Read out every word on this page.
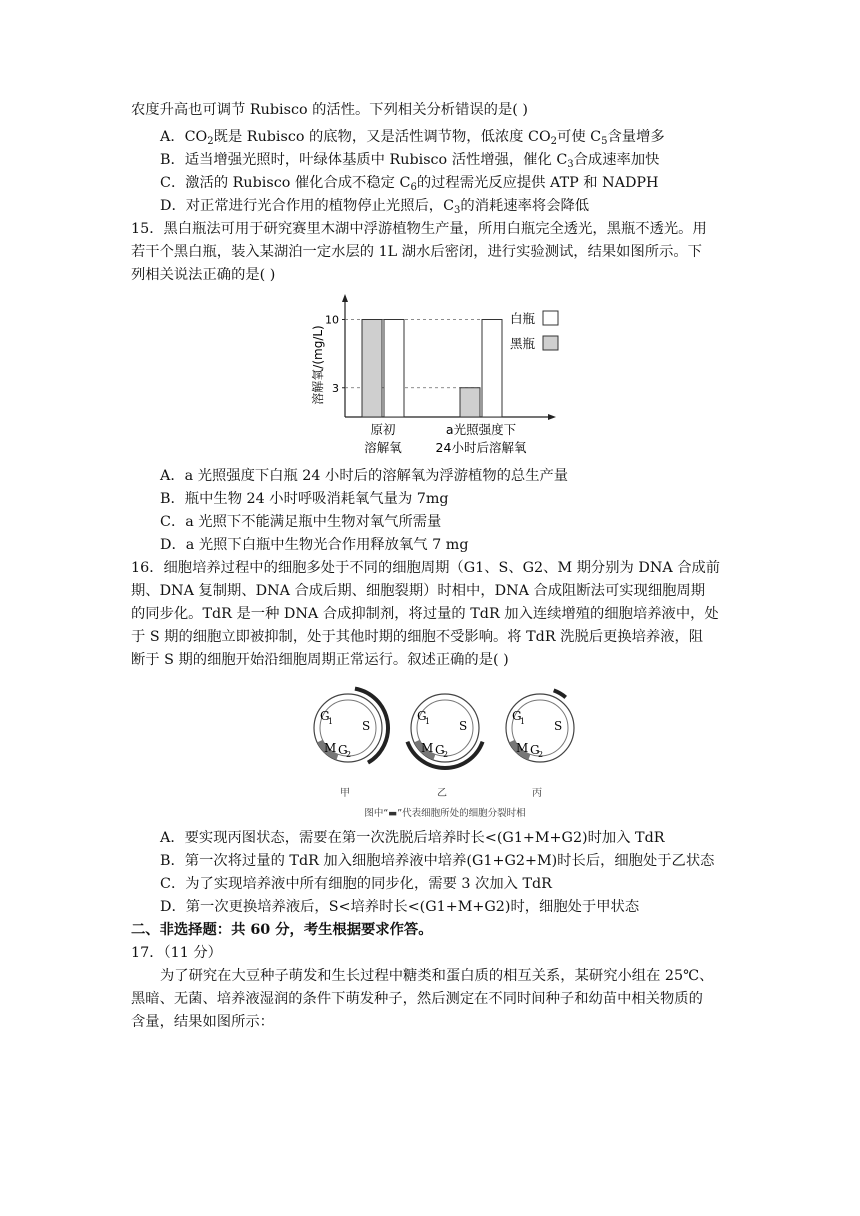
农度升高也可调节 Rubisco 的活性。下列相关分析错误的是( )
A．$CO_2$既是 Rubisco 的底物，又是活性调节物，低浓度 $CO_2$可使 $C_5$含量增多
B．适当增强光照时，叶绿体基质中 Rubisco 活性增强，催化 $C_3$合成速率加快
C．激活的 Rubisco 催化合成不稳定 $C_6$的过程需光反应提供 ATP 和 NADPH
D．对正常进行光合作用的植物停止光照后，$C_3$的消耗速率将会降低
15．黑白瓶法可用于研究赛里木湖中浮游植物生产量，所用白瓶完全透光，黑瓶不透光。用
若干个黑白瓶，装入某湖泊一定水层的 1L 湖水后密闭，进行实验测试，结果如图所示。下
列相关说法正确的是( )
3
10
原初
溶解氧
a光照强度下
24小时后溶解氧
白瓶
黑瓶
溶解氧/(mg/L)
A．a 光照强度下白瓶 24 小时后的溶解氧为浮游植物的总生产量
B．瓶中生物 24 小时呼吸消耗氧气量为 7mg
C．a 光照下不能满足瓶中生物对氧气所需量
D．a 光照下白瓶中生物光合作用释放氧气 7 mg
16．细胞培养过程中的细胞多处于不同的细胞周期（G1、S、G2、M 期分别为 DNA 合成前
期、DNA 复制期、DNA 合成后期、细胞裂期）时相中，DNA 合成阻断法可实现细胞周期
的同步化。TdR 是一种 DNA 合成抑制剂，将过量的 TdR 加入连续增殖的细胞培养液中，处
于 S 期的细胞立即被抑制，处于其他时期的细胞不受影响。将 TdR 洗脱后更换培养液，阻
断于 S 期的细胞开始沿细胞周期正常运行。叙述正确的是( )
G
1 S
M G
2
甲
G
1 S
M G
2
乙
G
1 S
M G
2
丙
图中“▬”代表细胞所处的细胞分裂时相
A．要实现丙图状态，需要在第一次洗脱后培养时长<(G1+M+G2)时加入 TdR
B．第一次将过量的 TdR 加入细胞培养液中培养(G1+G2+M)时长后，细胞处于乙状态
C．为了实现培养液中所有细胞的同步化，需要 3 次加入 TdR
D．第一次更换培养液后，S<培养时长<(G1+M+G2)时，细胞处于甲状态
二、非选择题：共 60 分，考生根据要求作答。
17．（11 分）
为了研究在大豆种子萌发和生长过程中糖类和蛋白质的相互关系，某研究小组在 25℃、
黑暗、无菌、培养液湿润的条件下萌发种子，然后测定在不同时间种子和幼苗中相关物质的
含量，结果如图所示：
